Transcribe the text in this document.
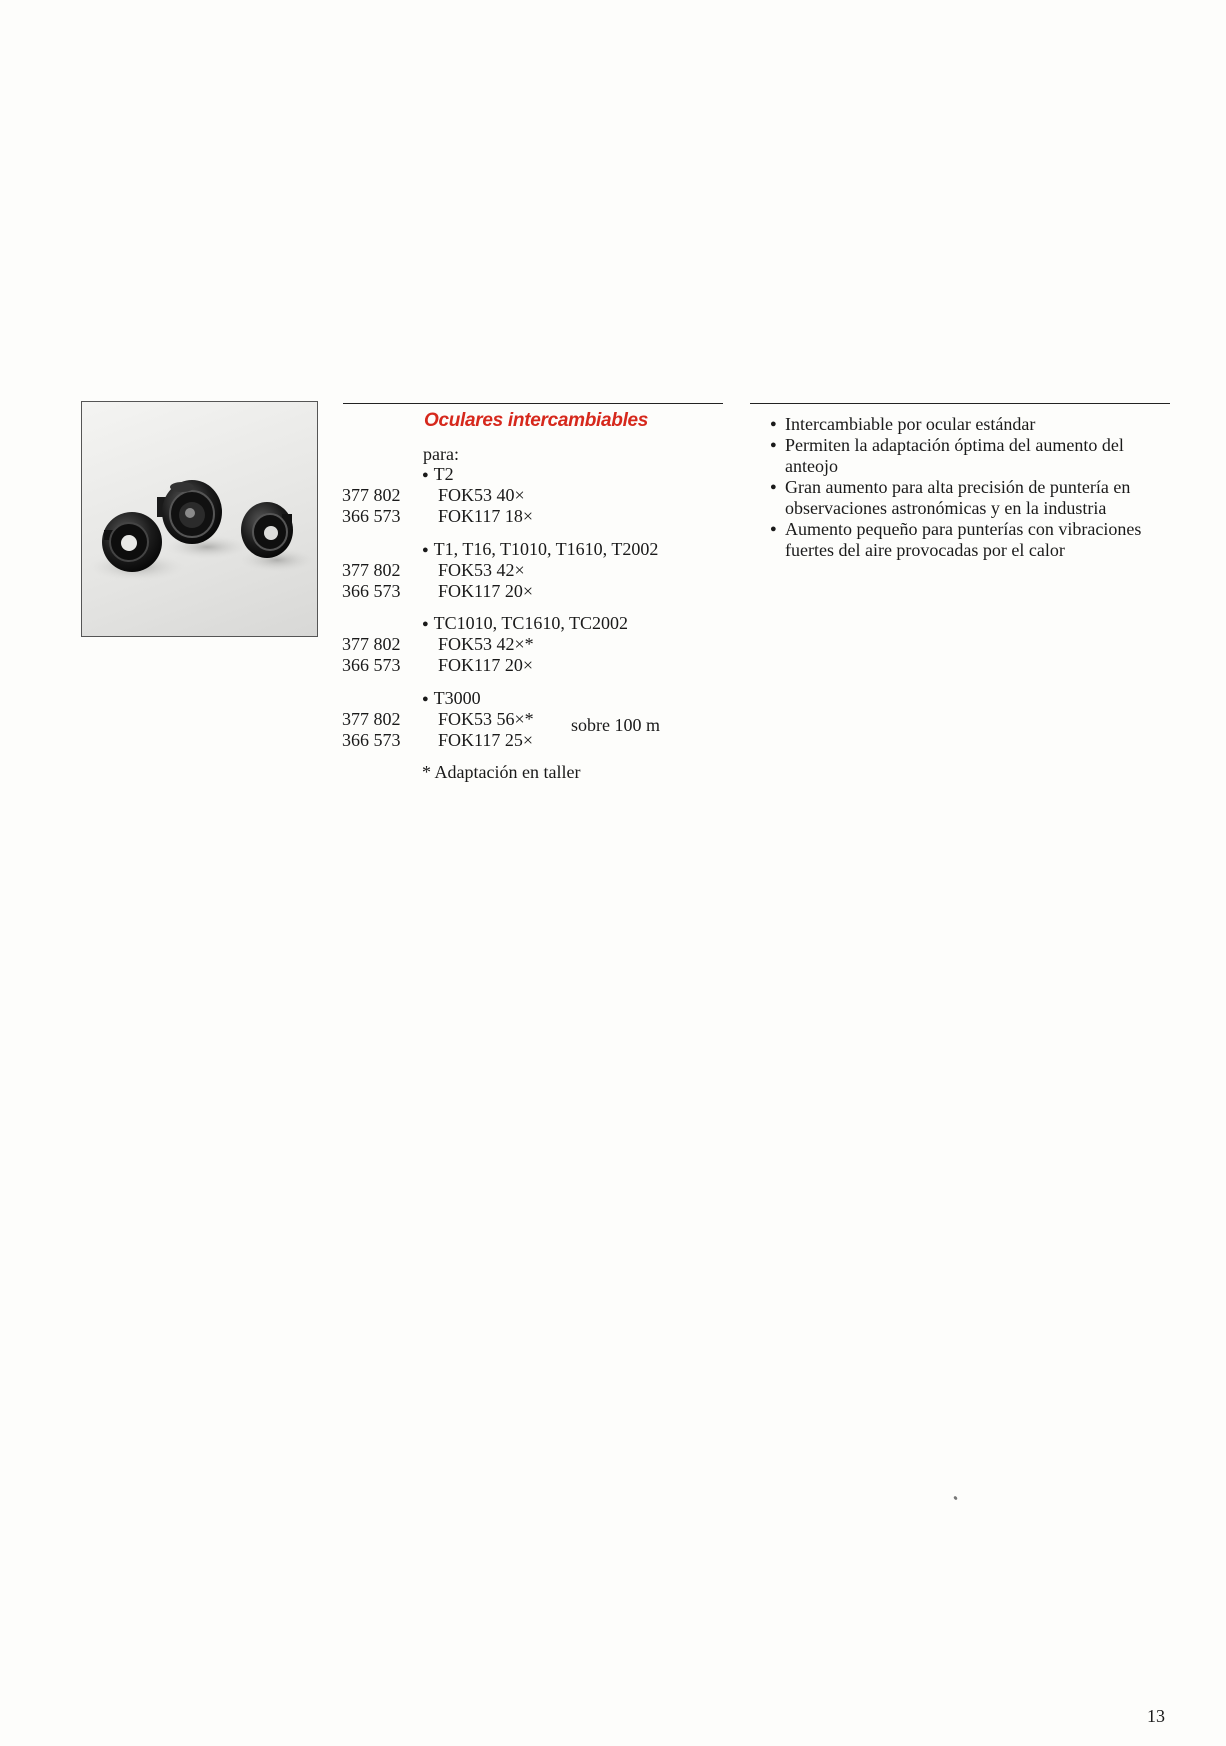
Oculares intercambiables
para:
● T2
377 802 FOK53 40×
366 573 FOK117 18×
● T1, T16, T1010, T1610, T2002
377 802 FOK53 42×
366 573 FOK117 20×
● TC1010, TC1610, TC2002
377 802 FOK53 42×*
366 573 FOK117 20×
● T3000
377 802 FOK53 56×* sobre 100 m
366 573 FOK117 25×
* Adaptación en taller
● Intercambiable por ocular estándar
● Permiten la adaptación óptima del aumento del anteojo
● Gran aumento para alta precisión de puntería en observaciones astronómicas y en la industria
● Aumento pequeño para punterías con vibraciones fuertes del aire provocadas por el calor
13
